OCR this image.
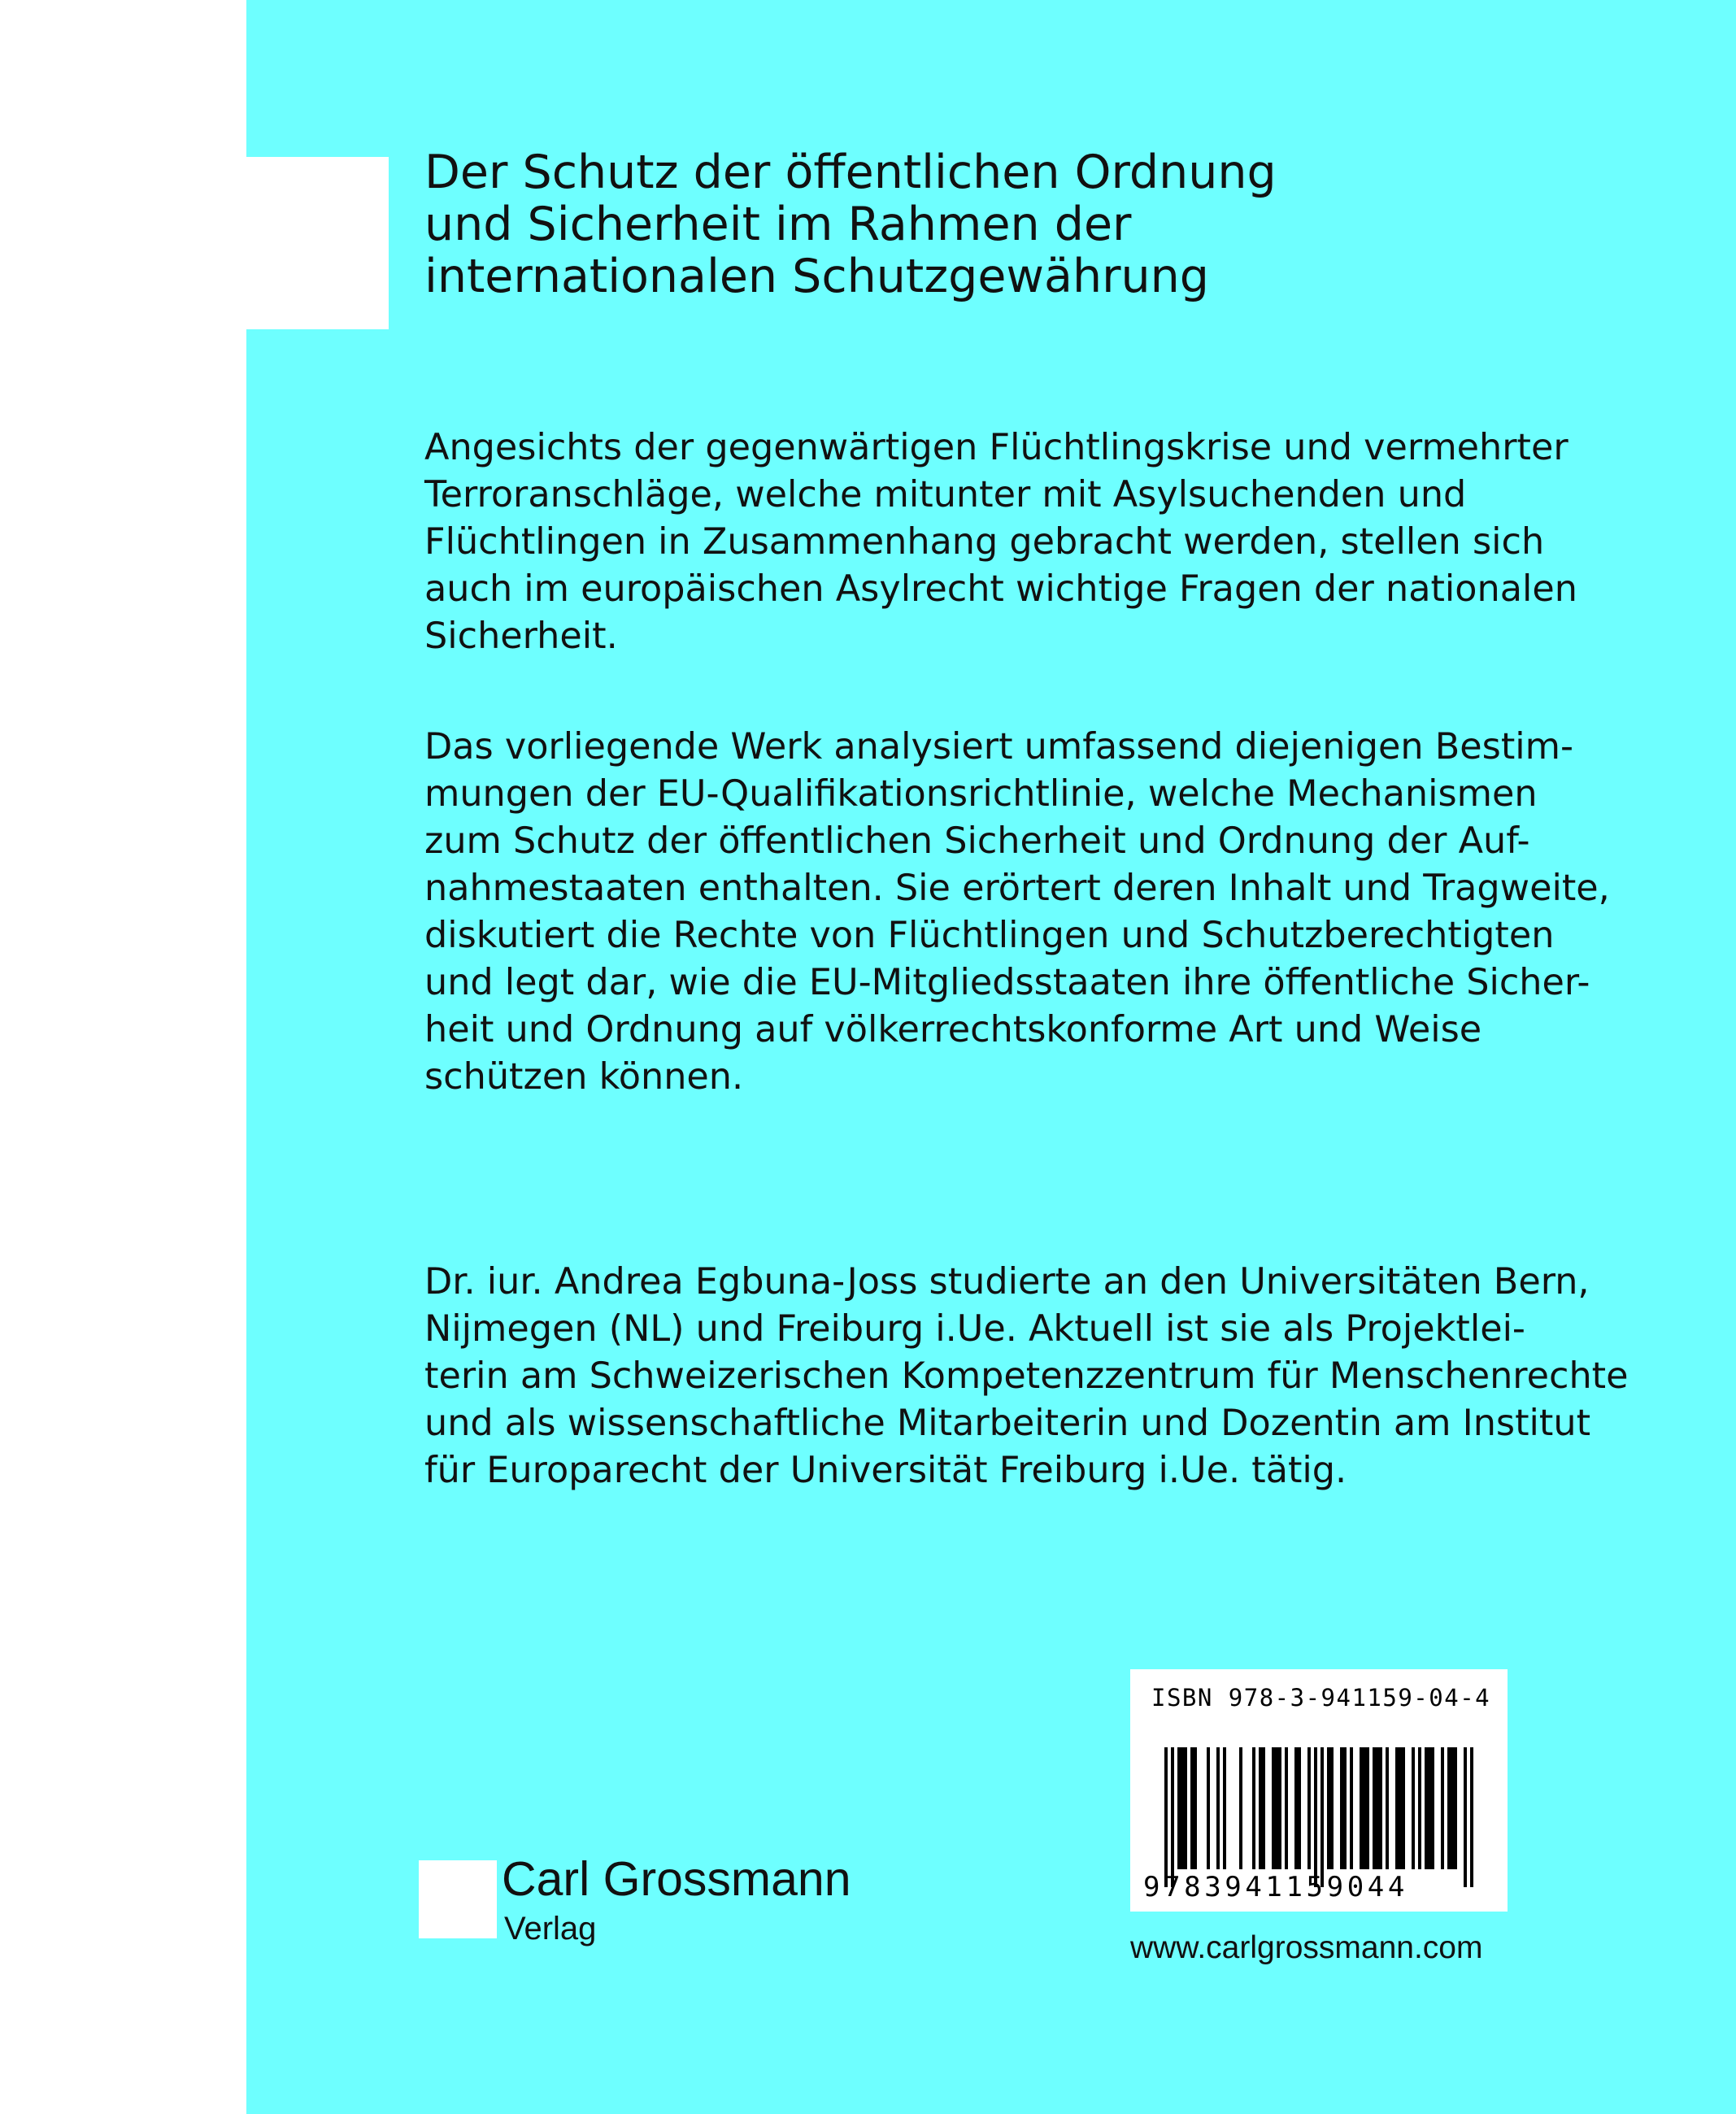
Der Schutz der öffentlichen Ordnung
und Sicherheit im Rahmen der
internationalen Schutzgewährung
Angesichts der gegenwärtigen Flüchtlingskrise und vermehrter
Terroranschläge, welche mitunter mit Asylsuchenden und
Flüchtlingen in Zusammenhang gebracht werden, stellen sich
auch im europäischen Asylrecht wichtige Fragen der nationalen
Sicherheit.
Das vorliegende Werk analysiert umfassend diejenigen Bestim-
mungen der EU-Qualifikationsrichtlinie, welche Mechanismen
zum Schutz der öffentlichen Sicherheit und Ordnung der Auf-
nahmestaaten enthalten. Sie erörtert deren Inhalt und Tragweite,
diskutiert die Rechte von Flüchtlingen und Schutzberechtigten
und legt dar, wie die EU-Mitgliedsstaaten ihre öffentliche Sicher-
heit und Ordnung auf völkerrechtskonforme Art und Weise
schützen können.
Dr. iur. Andrea Egbuna-Joss studierte an den Universitäten Bern,
Nijmegen (NL) und Freiburg i.Ue. Aktuell ist sie als Projektlei-
terin am Schweizerischen Kompetenzzentrum für Menschenrechte
und als wissenschaftliche Mitarbeiterin und Dozentin am Institut
für Europarecht der Universität Freiburg i.Ue. tätig.
Carl Grossmann
Verlag
ISBN 978-3-941159-04-4
9783941159044
www.carlgrossmann.com
